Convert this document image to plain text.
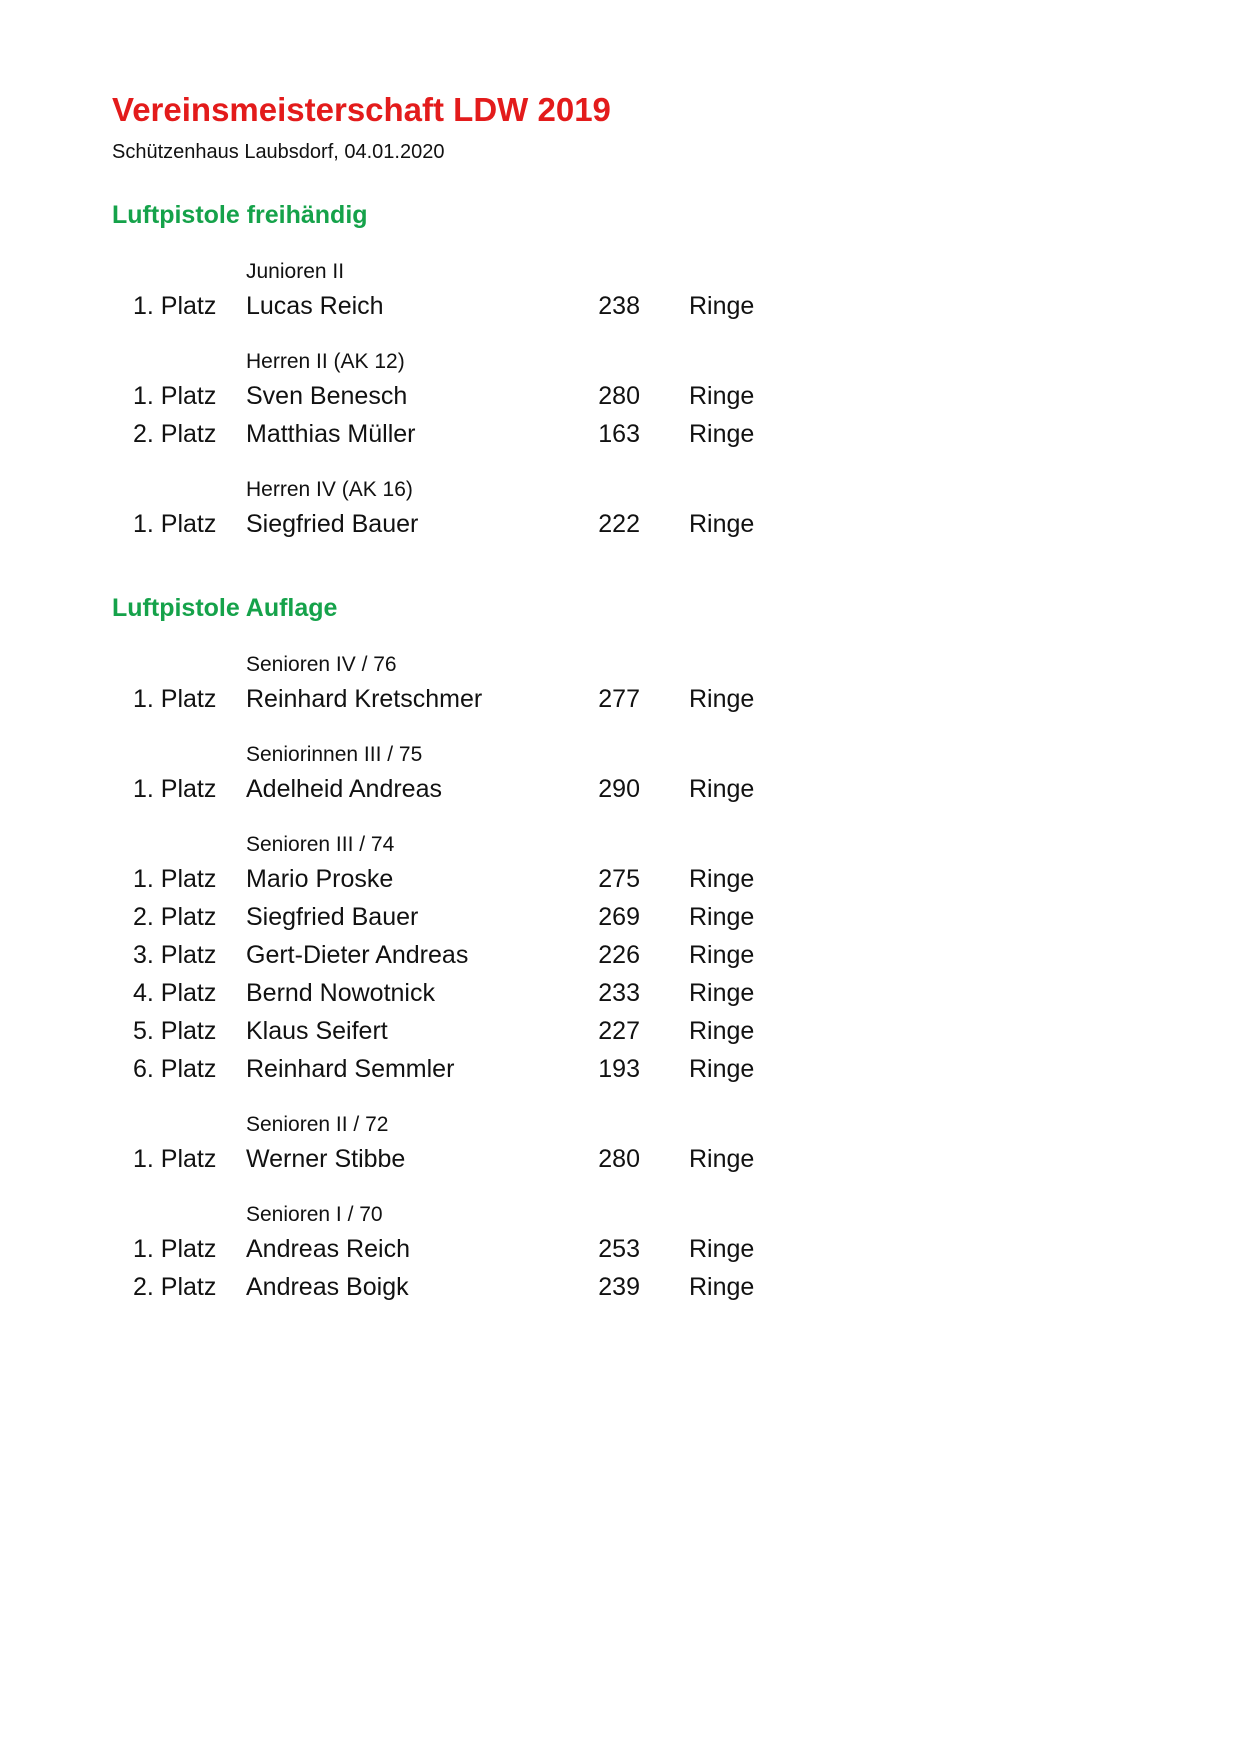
Vereinsmeisterschaft LDW 2019
Schützenhaus Laubsdorf, 04.01.2020
Luftpistole freihändig
Junioren II
1. Platz Lucas Reich	238 Ringe
Herren II (AK 12)
1. Platz Sven Benesch	280 Ringe
2. Platz Matthias Müller	163 Ringe
Herren IV (AK 16)
1. Platz Siegfried Bauer	222 Ringe
Luftpistole Auflage
Senioren IV / 76
1. Platz Reinhard Kretschmer	277 Ringe
Seniorinnen III / 75
1. Platz Adelheid Andreas	290 Ringe
Senioren III / 74
1. Platz Mario Proske	275 Ringe
2. Platz Siegfried Bauer	269 Ringe
3. Platz Gert-Dieter Andreas	226 Ringe
4. Platz Bernd Nowotnick	233 Ringe
5. Platz Klaus Seifert	227 Ringe
6. Platz Reinhard Semmler	193 Ringe
Senioren II / 72
1. Platz Werner Stibbe	280 Ringe
Senioren I / 70
1. Platz Andreas Reich	253 Ringe
2. Platz Andreas Boigk	239 Ringe
